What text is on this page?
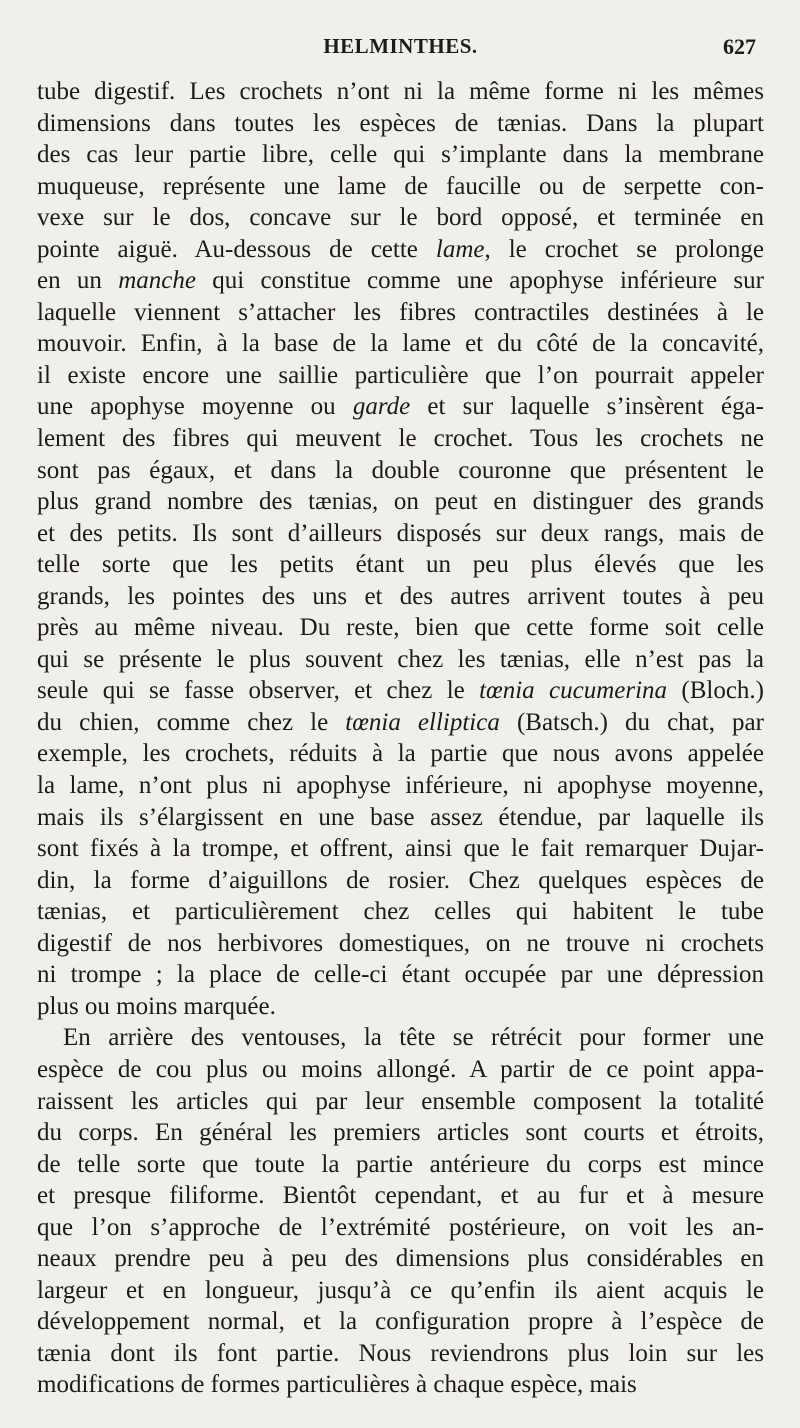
HELMINTHES.	627
tube digestif. Les crochets n’ont ni la même forme ni les mêmes
dimensions dans toutes les espèces de tænias. Dans la plupart
des cas leur partie libre, celle qui s’implante dans la membrane
muqueuse, représente une lame de faucille ou de serpette con-
vexe sur le dos, concave sur le bord opposé, et terminée en
pointe aiguë. Au-dessous de cette lame, le crochet se prolonge
en un manche qui constitue comme une apophyse inférieure sur
laquelle viennent s’attacher les fibres contractiles destinées à le
mouvoir. Enfin, à la base de la lame et du côté de la concavité,
il existe encore une saillie particulière que l’on pourrait appeler
une apophyse moyenne ou garde et sur laquelle s’insèrent éga-
lement des fibres qui meuvent le crochet. Tous les crochets ne
sont pas égaux, et dans la double couronne que présentent le
plus grand nombre des tænias, on peut en distinguer des grands
et des petits. Ils sont d’ailleurs disposés sur deux rangs, mais de
telle sorte que les petits étant un peu plus élevés que les
grands, les pointes des uns et des autres arrivent toutes à peu
près au même niveau. Du reste, bien que cette forme soit celle
qui se présente le plus souvent chez les tænias, elle n’est pas la
seule qui se fasse observer, et chez le tœnia cucumerina (Bloch.)
du chien, comme chez le tœnia elliptica (Batsch.) du chat, par
exemple, les crochets, réduits à la partie que nous avons appelée
la lame, n’ont plus ni apophyse inférieure, ni apophyse moyenne,
mais ils s’élargissent en une base assez étendue, par laquelle ils
sont fixés à la trompe, et offrent, ainsi que le fait remarquer Dujar-
din, la forme d’aiguillons de rosier. Chez quelques espèces de
tænias, et particulièrement chez celles qui habitent le tube
digestif de nos herbivores domestiques, on ne trouve ni crochets
ni trompe ; la place de celle-ci étant occupée par une dépression
plus ou moins marquée.
En arrière des ventouses, la tête se rétrécit pour former une
espèce de cou plus ou moins allongé. A partir de ce point appa-
raissent les articles qui par leur ensemble composent la totalité
du corps. En général les premiers articles sont courts et étroits,
de telle sorte que toute la partie antérieure du corps est mince
et presque filiforme. Bientôt cependant, et au fur et à mesure
que l’on s’approche de l’extrémité postérieure, on voit les an-
neaux prendre peu à peu des dimensions plus considérables en
largeur et en longueur, jusqu’à ce qu’enfin ils aient acquis le
développement normal, et la configuration propre à l’espèce de
tænia dont ils font partie. Nous reviendrons plus loin sur les
modifications de formes particulières à chaque espèce, mais
